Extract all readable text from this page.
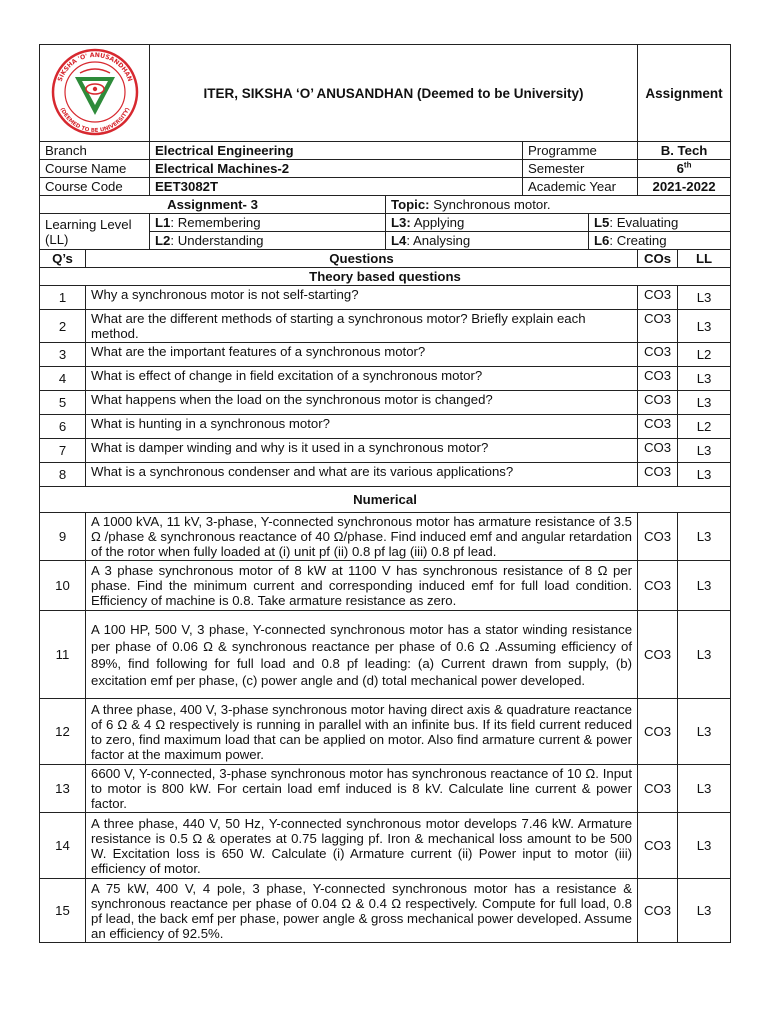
SIKSHA 'O' ANUSANDHAN
(DEEMED TO BE UNIVERSITY)		ITER, SIKSHA ‘O’ ANUSANDHAN (Deemed to be University)				Assignment	
Branch		Electrical Engineering		Programme		B. Tech	
Course Name		Electrical Machines-2		Semester		6th
Course Code		EET3082T		Academic Year		2021-2022	
Assignment- 3			Topic: Synchronous motor.				
Learning Level (LL)		L1: Remembering	L3: Applying		L5: Evaluating		
		L2: Understanding	L4: Analysing		L6: Creating		
Q’s	Questions					COs	LL
Theory based questions							
1	Why a synchronous motor is not self-starting?					CO3	L3
2	What are the different methods of starting a synchronous motor? Briefly explain each method.					CO3	L3
3	What are the important features of a synchronous motor?					CO3	L2
4	What is effect of change in field excitation of a synchronous motor?					CO3	L3
5	What happens when the load on the synchronous motor is changed?					CO3	L3
6	What is hunting in a synchronous motor?					CO3	L2
7	What is damper winding and why is it used in a synchronous motor?					CO3	L3
8	What is a synchronous condenser and what are its various applications?					CO3	L3
Numerical							
9	A 1000 kVA, 11 kV, 3-phase, Y-connected synchronous motor has armature resistance of 3.5 Ω /phase & synchronous reactance of 40 Ω/phase. Find induced emf and angular retardation of the rotor when fully loaded at (i) unit pf (ii) 0.8 pf lag (iii) 0.8 pf lead.					CO3	L3
10	A 3 phase synchronous motor of 8 kW at 1100 V has synchronous resistance of 8 Ω per phase. Find the minimum current and corresponding induced emf for full load condition. Efficiency of machine is 0.8. Take armature resistance as zero.					CO3	L3
11	A 100 HP, 500 V, 3 phase, Y-connected synchronous motor has a stator winding resistance per phase of 0.06 Ω & synchronous reactance per phase of 0.6 Ω .Assuming efficiency of 89%, find following for full load and 0.8 pf leading: (a) Current drawn from supply, (b) excitation emf per phase, (c) power angle and (d) total mechanical power developed.					CO3	L3
12	A three phase, 400 V, 3-phase synchronous motor having direct axis & quadrature reactance of 6 Ω & 4 Ω respectively is running in parallel with an infinite bus. If its field current reduced to zero, find maximum load that can be applied on motor. Also find armature current & power factor at the maximum power.					CO3	L3
13	6600 V, Y-connected, 3-phase synchronous motor has synchronous reactance of 10 Ω. Input to motor is 800 kW. For certain load emf induced is 8 kV. Calculate line current & power factor.					CO3	L3
14	A three phase, 440 V, 50 Hz, Y-connected synchronous motor develops 7.46 kW. Armature resistance is 0.5 Ω & operates at 0.75 lagging pf. Iron & mechanical loss amount to be 500 W. Excitation loss is 650 W. Calculate (i) Armature current (ii) Power input to motor (iii) efficiency of motor.					CO3	L3
15	A 75 kW, 400 V, 4 pole, 3 phase, Y-connected synchronous motor has a resistance & synchronous reactance per phase of 0.04 Ω & 0.4 Ω respectively. Compute for full load, 0.8 pf lead, the back emf per phase, power angle & gross mechanical power developed. Assume an efficiency of 92.5%.					CO3	L3
